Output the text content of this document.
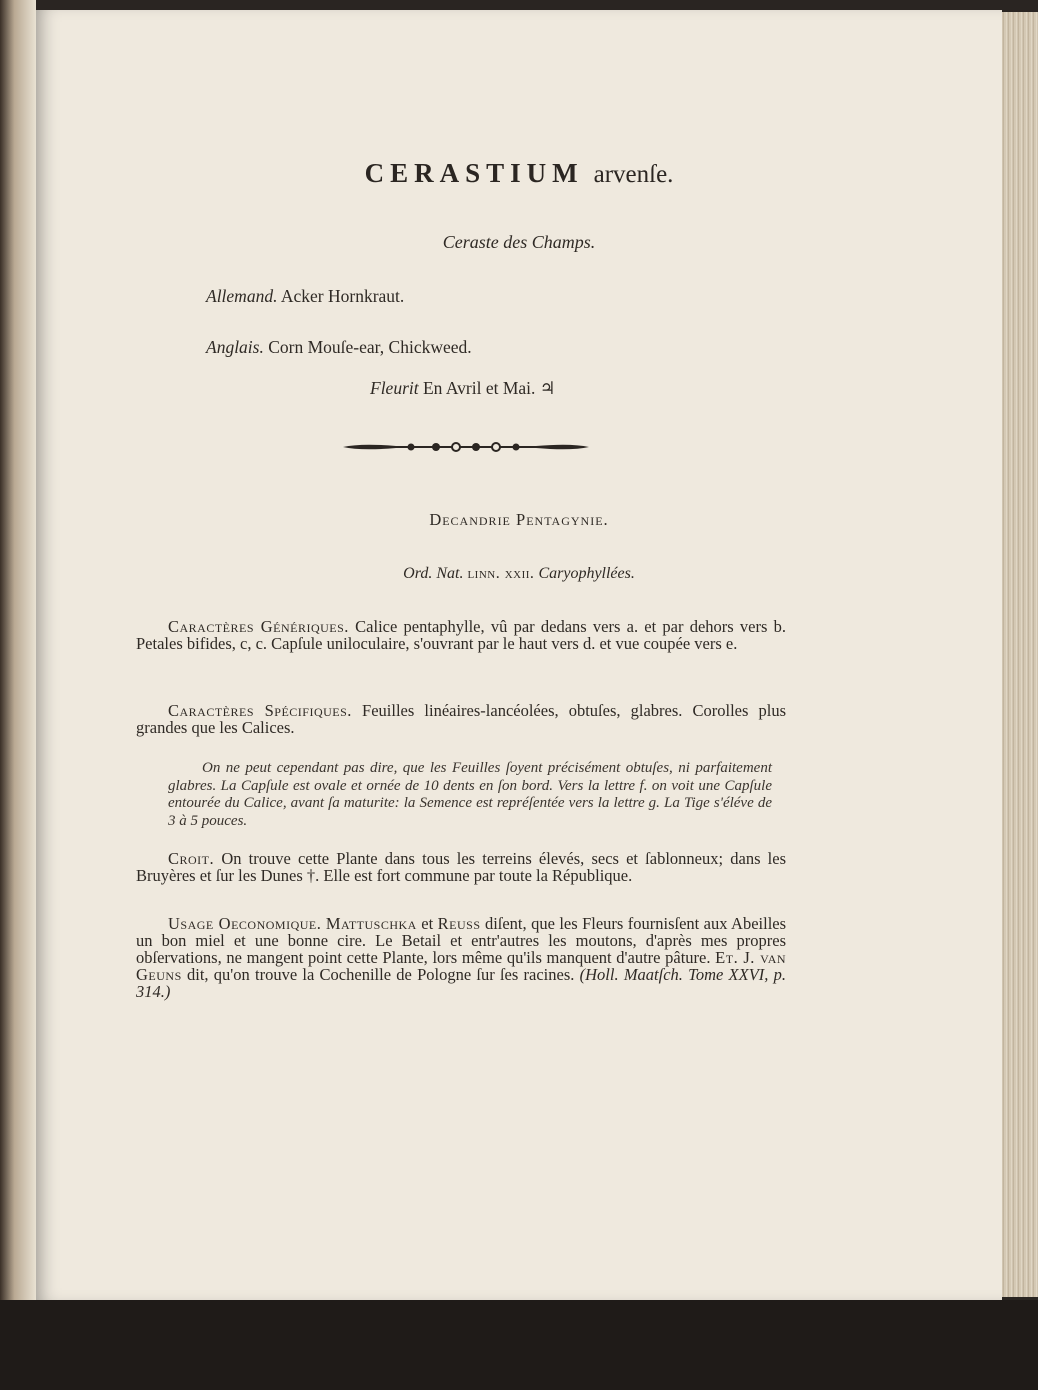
CERASTIUM arvenſe.
Ceraste des Champs.
Allemand. Acker Hornkraut.
Anglais. Corn Mouſe-ear, Chickweed.
Fleurit En Avril et Mai. ♃
Decandrie Pentagynie.
Ord. Nat. linn. xxii. Caryophyllées.
Caractères Génériques. Calice pentaphylle, vû par dedans vers a. et par dehors vers b. Petales bifides, c, c. Capſule uniloculaire, s'ouvrant par le haut vers d. et vue coupée vers e.
Caractères Spécifiques. Feuilles linéaires-lancéolées, obtuſes, glabres. Corolles plus grandes que les Calices.
On ne peut cependant pas dire, que les Feuilles ſoyent précisément obtuſes, ni parfaitement glabres. La Capſule est ovale et ornée de 10 dents en ſon bord. Vers la lettre f. on voit une Capſule entourée du Calice, avant ſa maturite: la Semence est repréſentée vers la lettre g. La Tige s'éléve de 3 à 5 pouces.
Croit. On trouve cette Plante dans tous les terreins élevés, secs et ſablonneux; dans les Bruyères et ſur les Dunes †. Elle est fort commune par toute la République.
Usage Oeconomique. Mattuschka et Reuss diſent, que les Fleurs fournisſent aux Abeilles un bon miel et une bonne cire. Le Betail et entr'autres les moutons, d'après mes propres obſervations, ne mangent point cette Plante, lors même qu'ils manquent d'autre pâture. Et. J. van Geuns dit, qu'on trouve la Cochenille de Pologne ſur ſes racines. (Holl. Maatſch. Tome XXVI, p. 314.)
